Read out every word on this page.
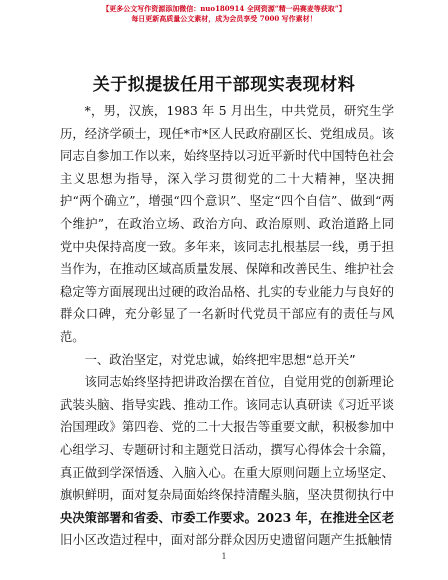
【更多公文写作资源添加微信：nuo180914 全网资源“精一码赛麦等获取”】
每日更新高质量公文素材，成为会员享受 7000 写作素材！
关于拟提拔任用干部现实表现材料

*，男，汉族，1983 年 5 月出生，中共党员，研究生学历，经济学硕士，现任*市*区人民政府副区长、党组成员。该同志自参加工作以来，始终坚持以习近平新时代中国特色社会主义思想为指导，深入学习贯彻党的二十大精神，坚决拥护“两个确立”，增强“四个意识”、坚定“四个自信”、做到“两个维护”，在政治立场、政治方向、政治原则、政治道路上同党中央保持高度一致。多年来，该同志扎根基层一线，勇于担当作为，在推动区域高质量发展、保障和改善民生、维护社会稳定等方面展现出过硬的政治品格、扎实的专业能力与良好的群众口碑，充分彰显了一名新时代党员干部应有的责任与风范。

一、政治坚定，对党忠诚，始终把牢思想“总开关”

该同志始终坚持把讲政治摆在首位，自觉用党的创新理论武装头脑、指导实践、推动工作。该同志认真研读《习近平谈治国理政》第四卷、党的二十大报告等重要文献，积极参加中心组学习、专题研讨和主题党日活动，撰写心得体会十余篇，真正做到学深悟透、入脑入心。在重大原则问题上立场坚定、旗帜鲜明，面对复杂局面始终保持清醒头脑，坚决贯彻执行中央决策部署和省委、市委工作要求。2023 年，在推进全区老旧小区改造过程中，面对部分群众因历史遗留问题产生抵触情

1
